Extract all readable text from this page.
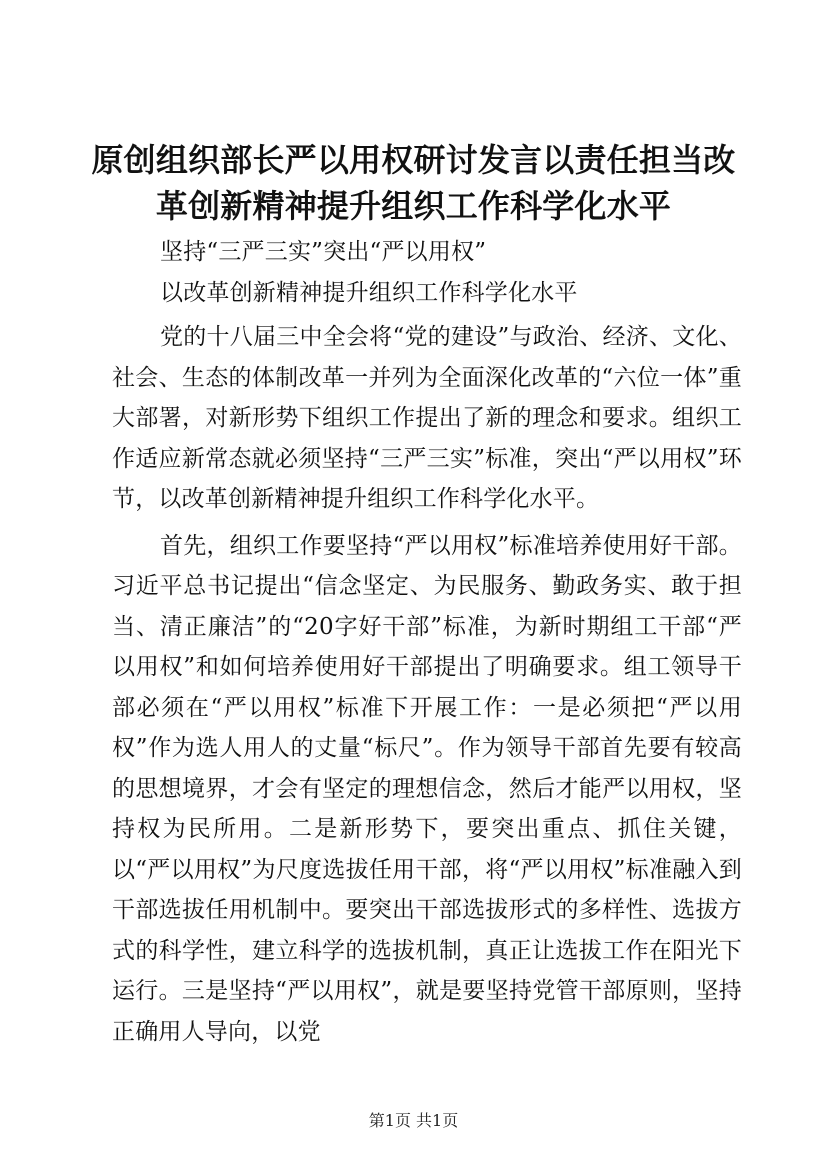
原创组织部长严以用权研讨发言以责任担当改
革创新精神提升组织工作科学化水平

坚持“三严三实”突出“严以用权”

以改革创新精神提升组织工作科学化水平

党的十八届三中全会将“党的建设”与政治、经济、文化、社会、生态的体制改革一并列为全面深化改革的“六位一体”重大部署，对新形势下组织工作提出了新的理念和要求。组织工作适应新常态就必须坚持“三严三实”标准，突出“严以用权”环节，以改革创新精神提升组织工作科学化水平。

首先，组织工作要坚持“严以用权”标准培养使用好干部。习近平总书记提出“信念坚定、为民服务、勤政务实、敢于担当、清正廉洁”的“20字好干部”标准，为新时期组工干部“严以用权”和如何培养使用好干部提出了明确要求。组工领导干部必须在“严以用权”标准下开展工作：一是必须把“严以用权”作为选人用人的丈量“标尺”。作为领导干部首先要有较高的思想境界，才会有坚定的理想信念，然后才能严以用权，坚持权为民所用。二是新形势下，要突出重点、抓住关键，以“严以用权”为尺度选拔任用干部，将“严以用权”标准融入到干部选拔任用机制中。要突出干部选拔形式的多样性、选拔方式的科学性，建立科学的选拔机制，真正让选拔工作在阳光下运行。三是坚持“严以用权”，就是要坚持党管干部原则，坚持正确用人导向，以党

第1页 共1页
